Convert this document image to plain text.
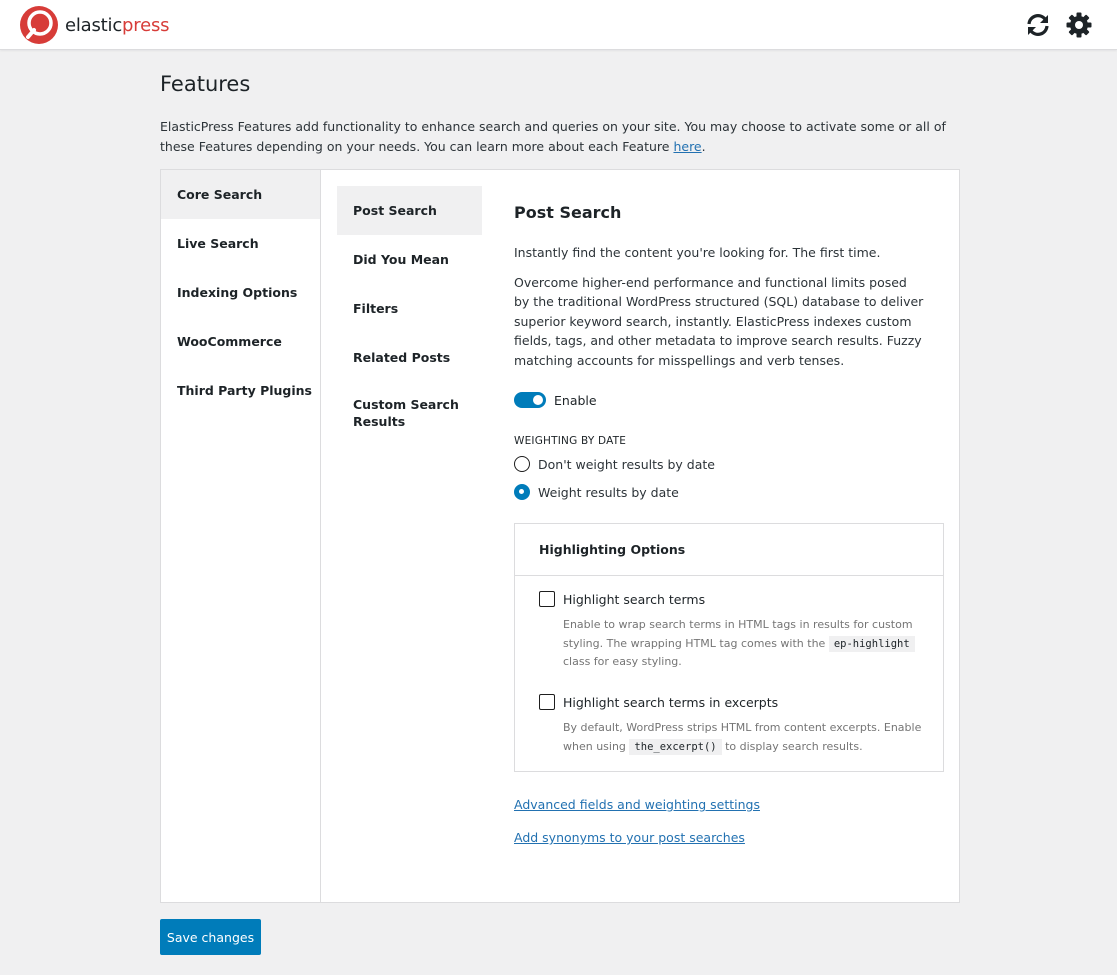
elasticpress
Features

ElasticPress Features add functionality to enhance search and queries on your site. You may choose to activate some or all of these Features depending on your needs. You can learn more about each Feature here.

Core Search
Live Search
Indexing Options
WooCommerce
Third Party Plugins
Post Search
Did You Mean
Filters
Related Posts
Custom Search Results
Post Search

Instantly find the content you're looking for. The first time.

Overcome higher-end performance and functional limits posed by the traditional WordPress structured (SQL) database to deliver superior keyword search, instantly. ElasticPress indexes custom fields, tags, and other metadata to improve search results. Fuzzy matching accounts for misspellings and verb tenses.

Enable
WEIGHTING BY DATE
Don't weight results by date
Weight results by date
Highlighting Options
Highlight search terms
Enable to wrap search terms in HTML tags in results for custom styling. The wrapping HTML tag comes with the ep-highlight class for easy styling.
Highlight search terms in excerpts
By default, WordPress strips HTML from content excerpts. Enable when using the_excerpt() to display search results.
Advanced fields and weighting settings
Add synonyms to your post searches
Save changes
